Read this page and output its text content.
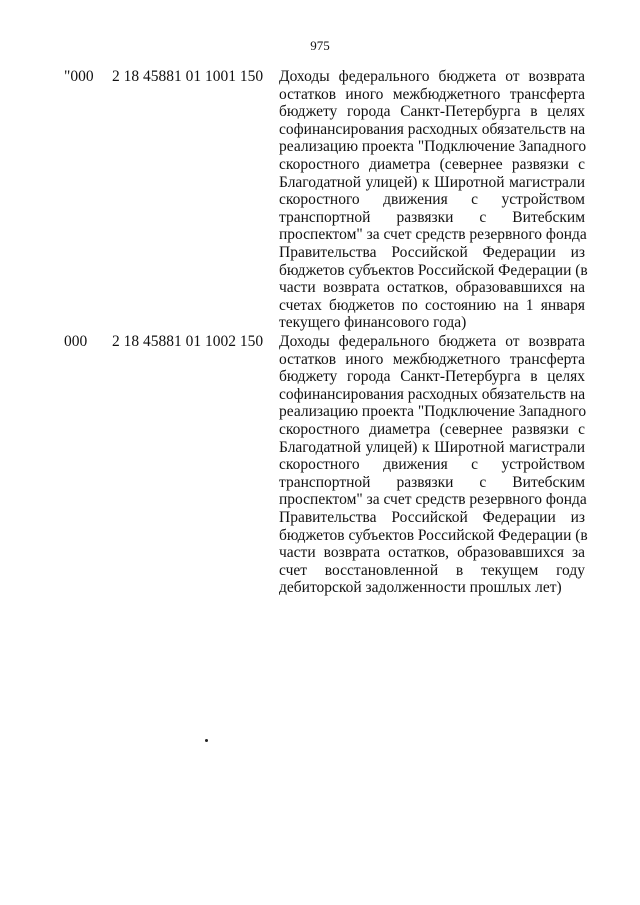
975
"000 2 18 45881 01 1001 150 Доходы федерального бюджета от возврата
остатков иного межбюджетного трансферта
бюджету города Санкт-Петербурга в целях
софинансирования расходных обязательств на
реализацию проекта "Подключение Западного
скоростного диаметра (севернее развязки с
Благодатной улицей) к Широтной магистрали
скоростного движения с устройством
транспортной развязки с Витебским
проспектом" за счет средств резервного фонда
Правительства Российской Федерации из
бюджетов субъектов Российской Федерации (в
части возврата остатков, образовавшихся на
счетах бюджетов по состоянию на 1 января
текущего финансового года)
000 2 18 45881 01 1002 150 Доходы федерального бюджета от возврата
остатков иного межбюджетного трансферта
бюджету города Санкт-Петербурга в целях
софинансирования расходных обязательств на
реализацию проекта "Подключение Западного
скоростного диаметра (севернее развязки с
Благодатной улицей) к Широтной магистрали
скоростного движения с устройством
транспортной развязки с Витебским
проспектом" за счет средств резервного фонда
Правительства Российской Федерации из
бюджетов субъектов Российской Федерации (в
части возврата остатков, образовавшихся за
счет восстановленной в текущем году
дебиторской задолженности прошлых лет)
